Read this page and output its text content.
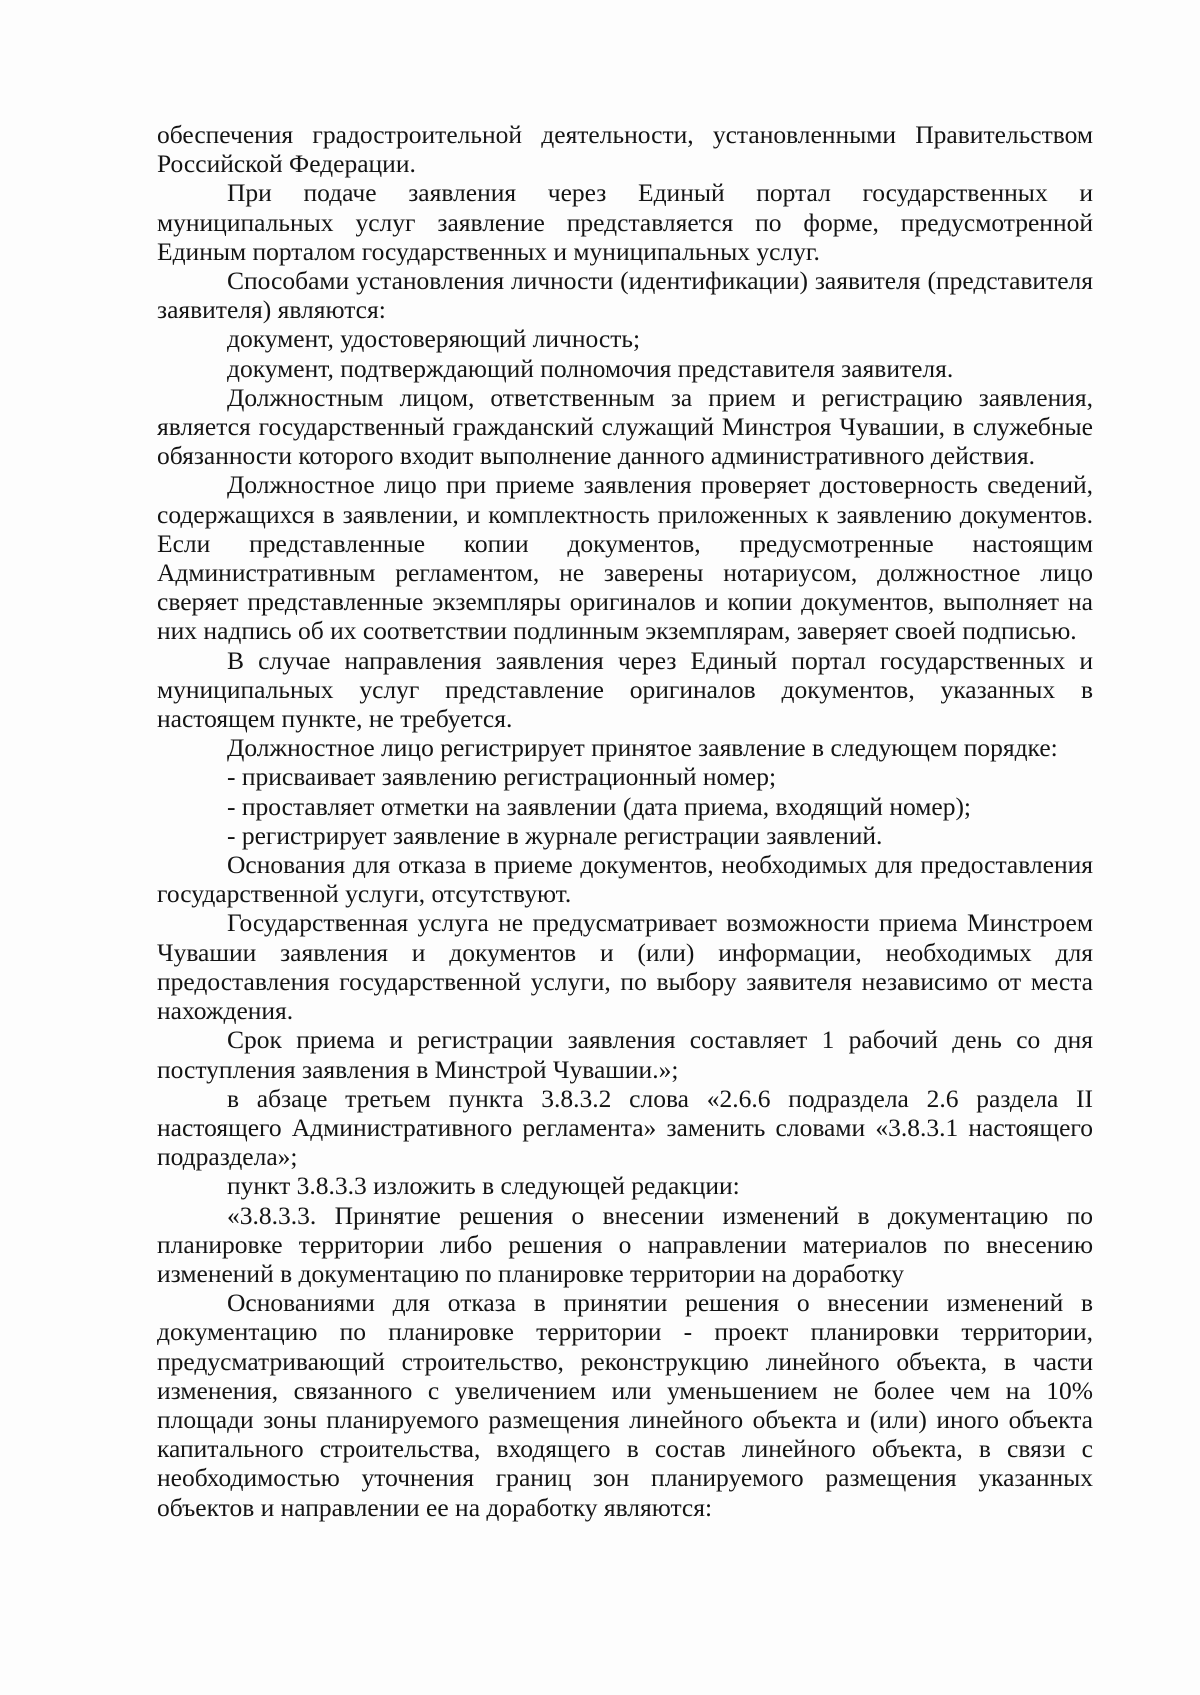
обеспечения градостроительной деятельности, установленными Правительством Российской Федерации.

При подаче заявления через Единый портал государственных и муниципальных услуг заявление представляется по форме, предусмотренной Единым порталом государственных и муниципальных услуг.

Способами установления личности (идентификации) заявителя (представителя заявителя) являются:

документ, удостоверяющий личность;

документ, подтверждающий полномочия представителя заявителя.

Должностным лицом, ответственным за прием и регистрацию заявления, является государственный гражданский служащий Минстроя Чувашии, в служебные обязанности которого входит выполнение данного административного действия.

Должностное лицо при приеме заявления проверяет достоверность сведений, содержащихся в заявлении, и комплектность приложенных к заявлению документов. Если представленные копии документов, предусмотренные настоящим Административным регламентом, не заверены нотариусом, должностное лицо сверяет представленные экземпляры оригиналов и копии документов, выполняет на них надпись об их соответствии подлинным экземплярам, заверяет своей подписью.

В случае направления заявления через Единый портал государственных и муниципальных услуг представление оригиналов документов, указанных в настоящем пункте, не требуется.

Должностное лицо регистрирует принятое заявление в следующем порядке:

- присваивает заявлению регистрационный номер;

- проставляет отметки на заявлении (дата приема, входящий номер);

- регистрирует заявление в журнале регистрации заявлений.

Основания для отказа в приеме документов, необходимых для предоставления государственной услуги, отсутствуют.

Государственная услуга не предусматривает возможности приема Минстроем Чувашии заявления и документов и (или) информации, необходимых для предоставления государственной услуги, по выбору заявителя независимо от места нахождения.

Срок приема и регистрации заявления составляет 1 рабочий день со дня поступления заявления в Минстрой Чувашии.»;

в абзаце третьем пункта 3.8.3.2 слова «2.6.6 подраздела 2.6 раздела II настоящего Административного регламента» заменить словами «3.8.3.1 настоящего подраздела»;

пункт 3.8.3.3 изложить в следующей редакции:

«3.8.3.3. Принятие решения о внесении изменений в документацию по планировке территории либо решения о направлении материалов по внесению изменений в документацию по планировке территории на доработку

Основаниями для отказа в принятии решения о внесении изменений в документацию по планировке территории - проект планировки территории, предусматривающий строительство, реконструкцию линейного объекта, в части изменения, связанного с увеличением или уменьшением не более чем на 10% площади зоны планируемого размещения линейного объекта и (или) иного объекта капитального строительства, входящего в состав линейного объекта, в связи с необходимостью уточнения границ зон планируемого размещения указанных объектов и направлении ее на доработку являются:
